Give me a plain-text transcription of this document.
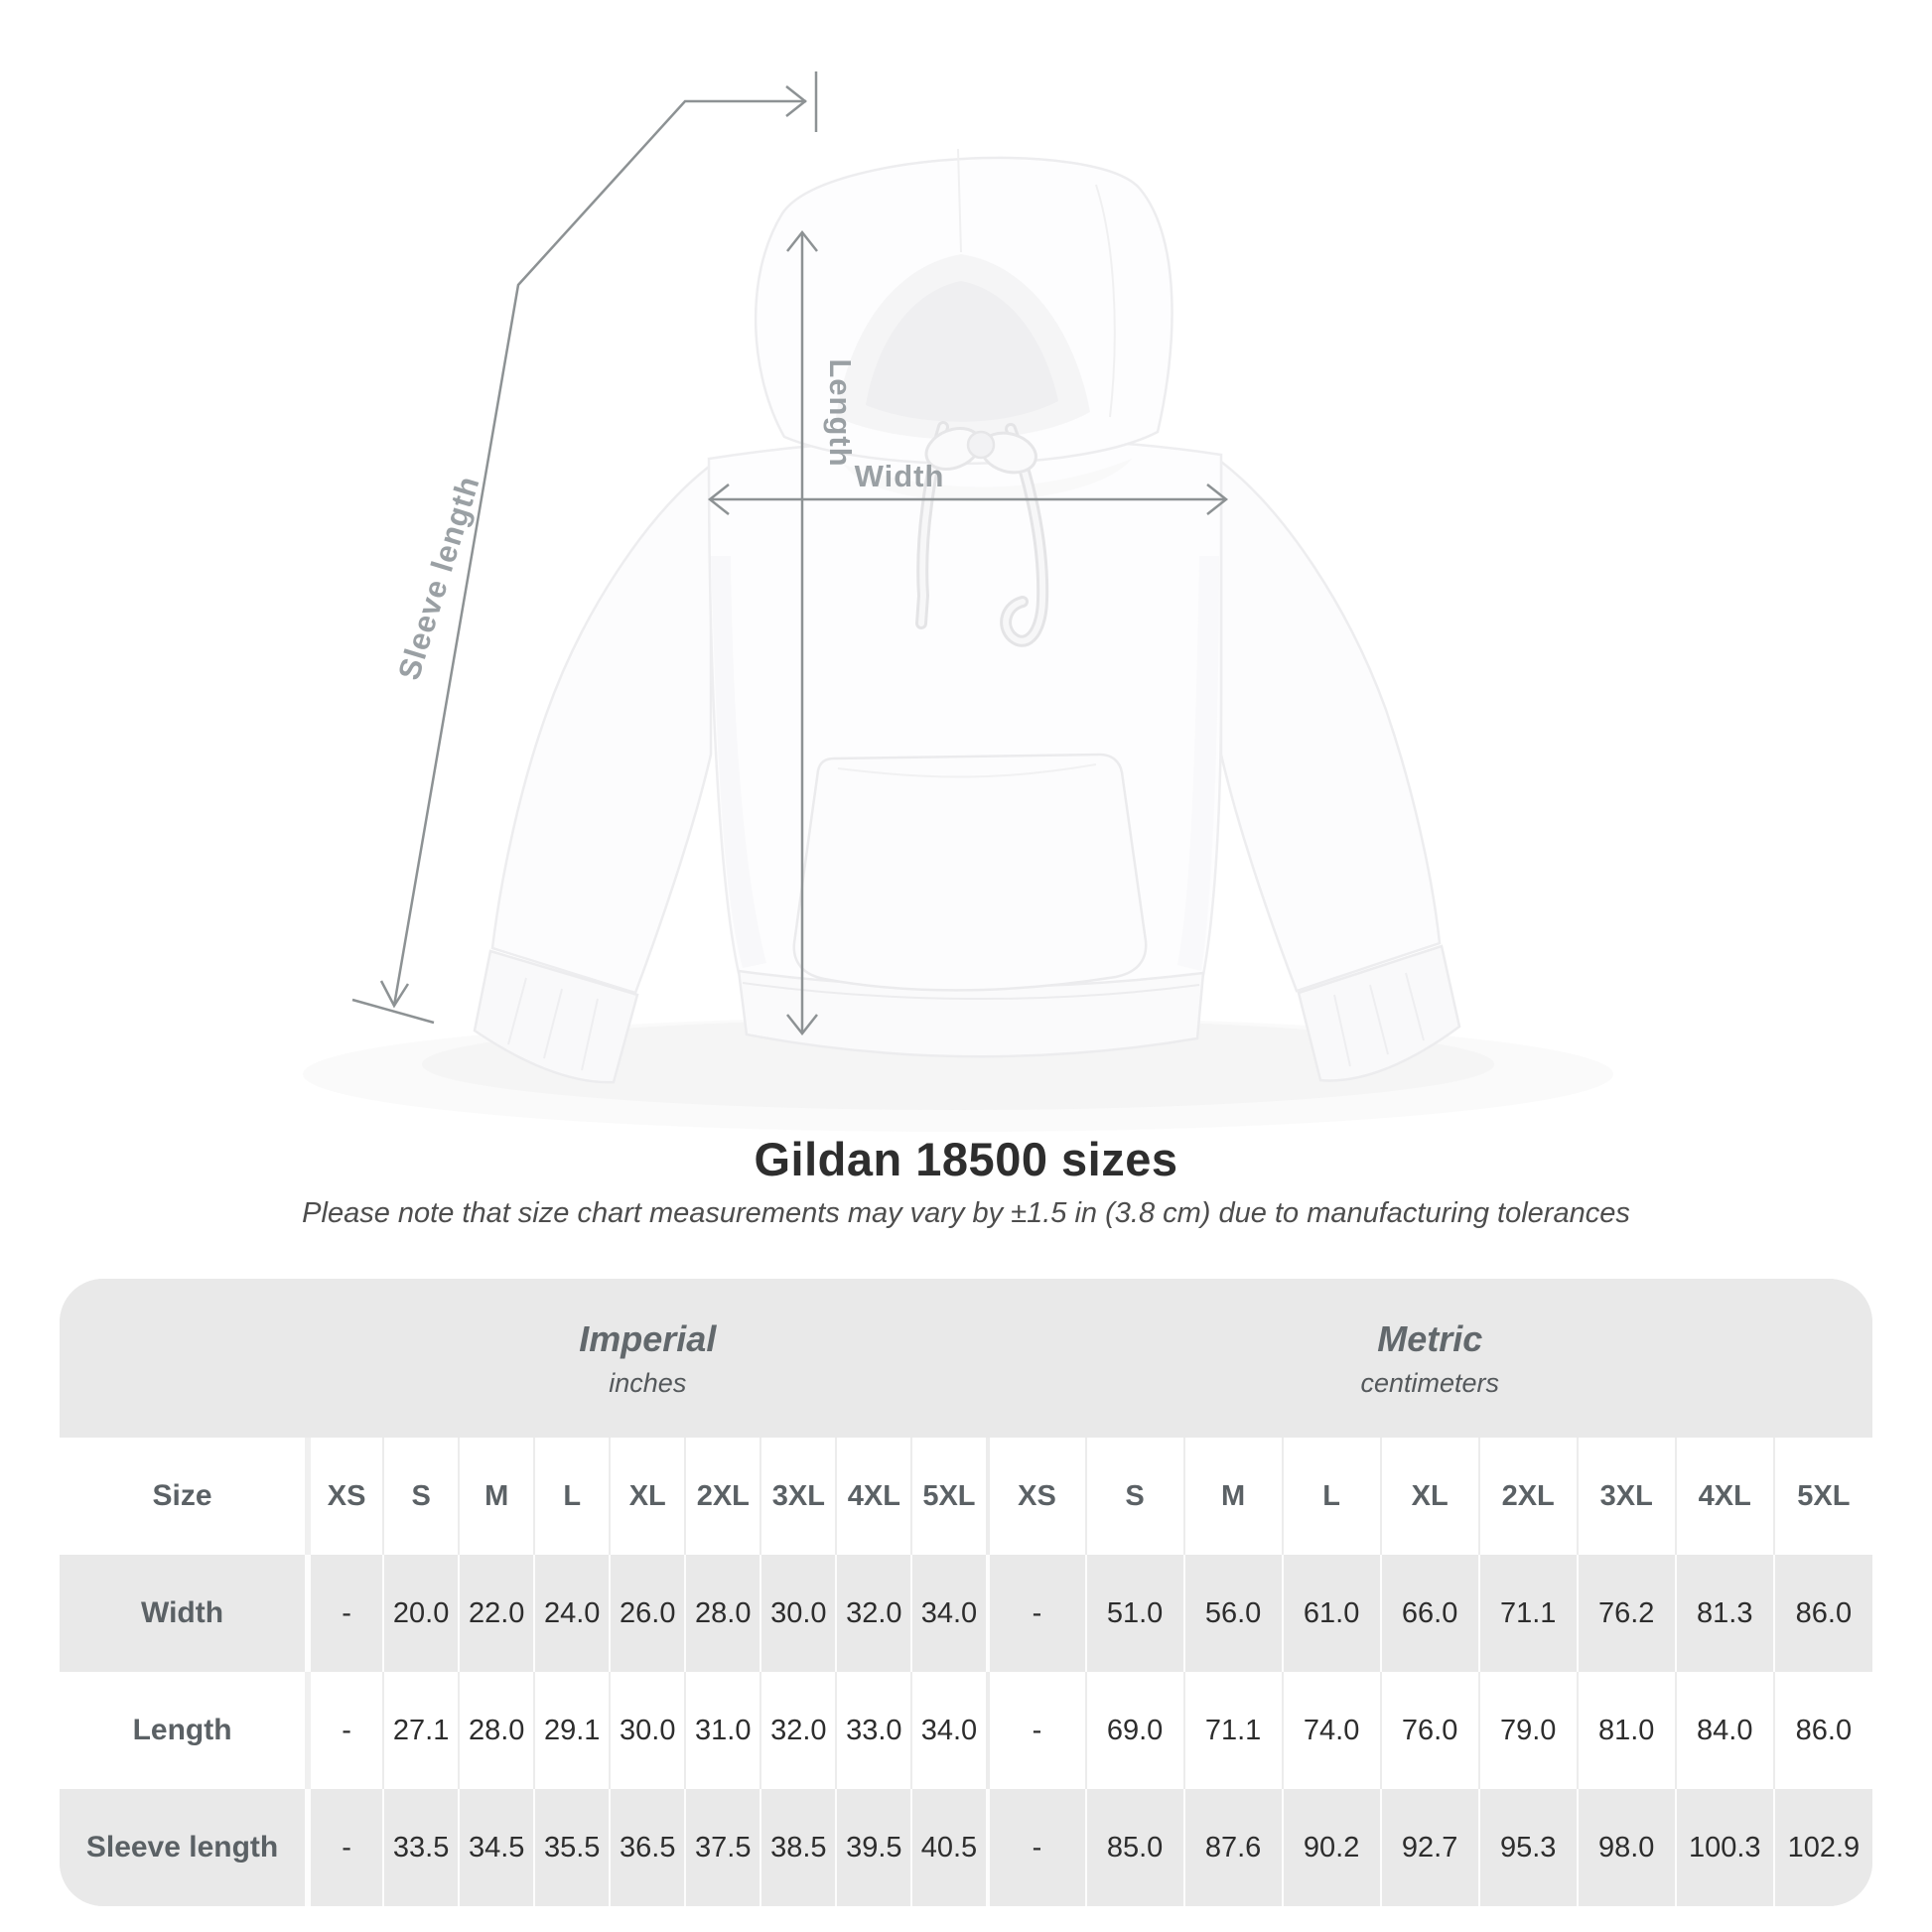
Sleeve length
Length
Width
Gildan 18500 sizes

Please note that size chart measurements may vary by ±1.5 in (3.8 cm) due to manufacturing tolerances

Imperial
inches

Metric
centimeters

Size	XS	S	M	L	XL	2XL	3XL	4XL	5XL	XS	S	M	L	XL	2XL	3XL	4XL	5XL
Width	-	20.0	22.0	24.0	26.0	28.0	30.0	32.0	34.0	-	51.0	56.0	61.0	66.0	71.1	76.2	81.3	86.0
Length	-	27.1	28.0	29.1	30.0	31.0	32.0	33.0	34.0	-	69.0	71.1	74.0	76.0	79.0	81.0	84.0	86.0
Sleeve length	-	33.5	34.5	35.5	36.5	37.5	38.5	39.5	40.5	-	85.0	87.6	90.2	92.7	95.3	98.0	100.3	102.9
